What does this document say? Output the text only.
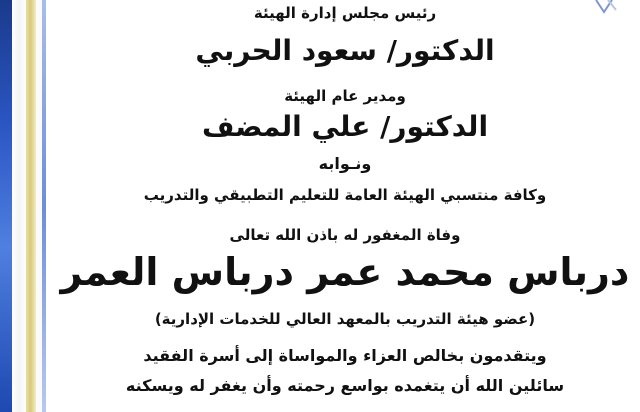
رئيس مجلس إدارة الهيئة
الدكتور/ سعود الحربي
ومدير عام الهيئة
الدكتور/ علي المضف
ونـوابه
وكافة منتسبي الهيئة العامة للتعليم التطبيقي والتدريب
وفاة المغفور له باذن الله تعالى
درباس محمد عمر درباس العمر
(عضو هيئة التدريب بالمعهد العالي للخدمات الإدارية)
ويتقدمون بخالص العزاء والمواساة إلى أسرة الفقيد
سائلين الله أن يتغمده بواسع رحمته وأن يغفر له ويسكنه
